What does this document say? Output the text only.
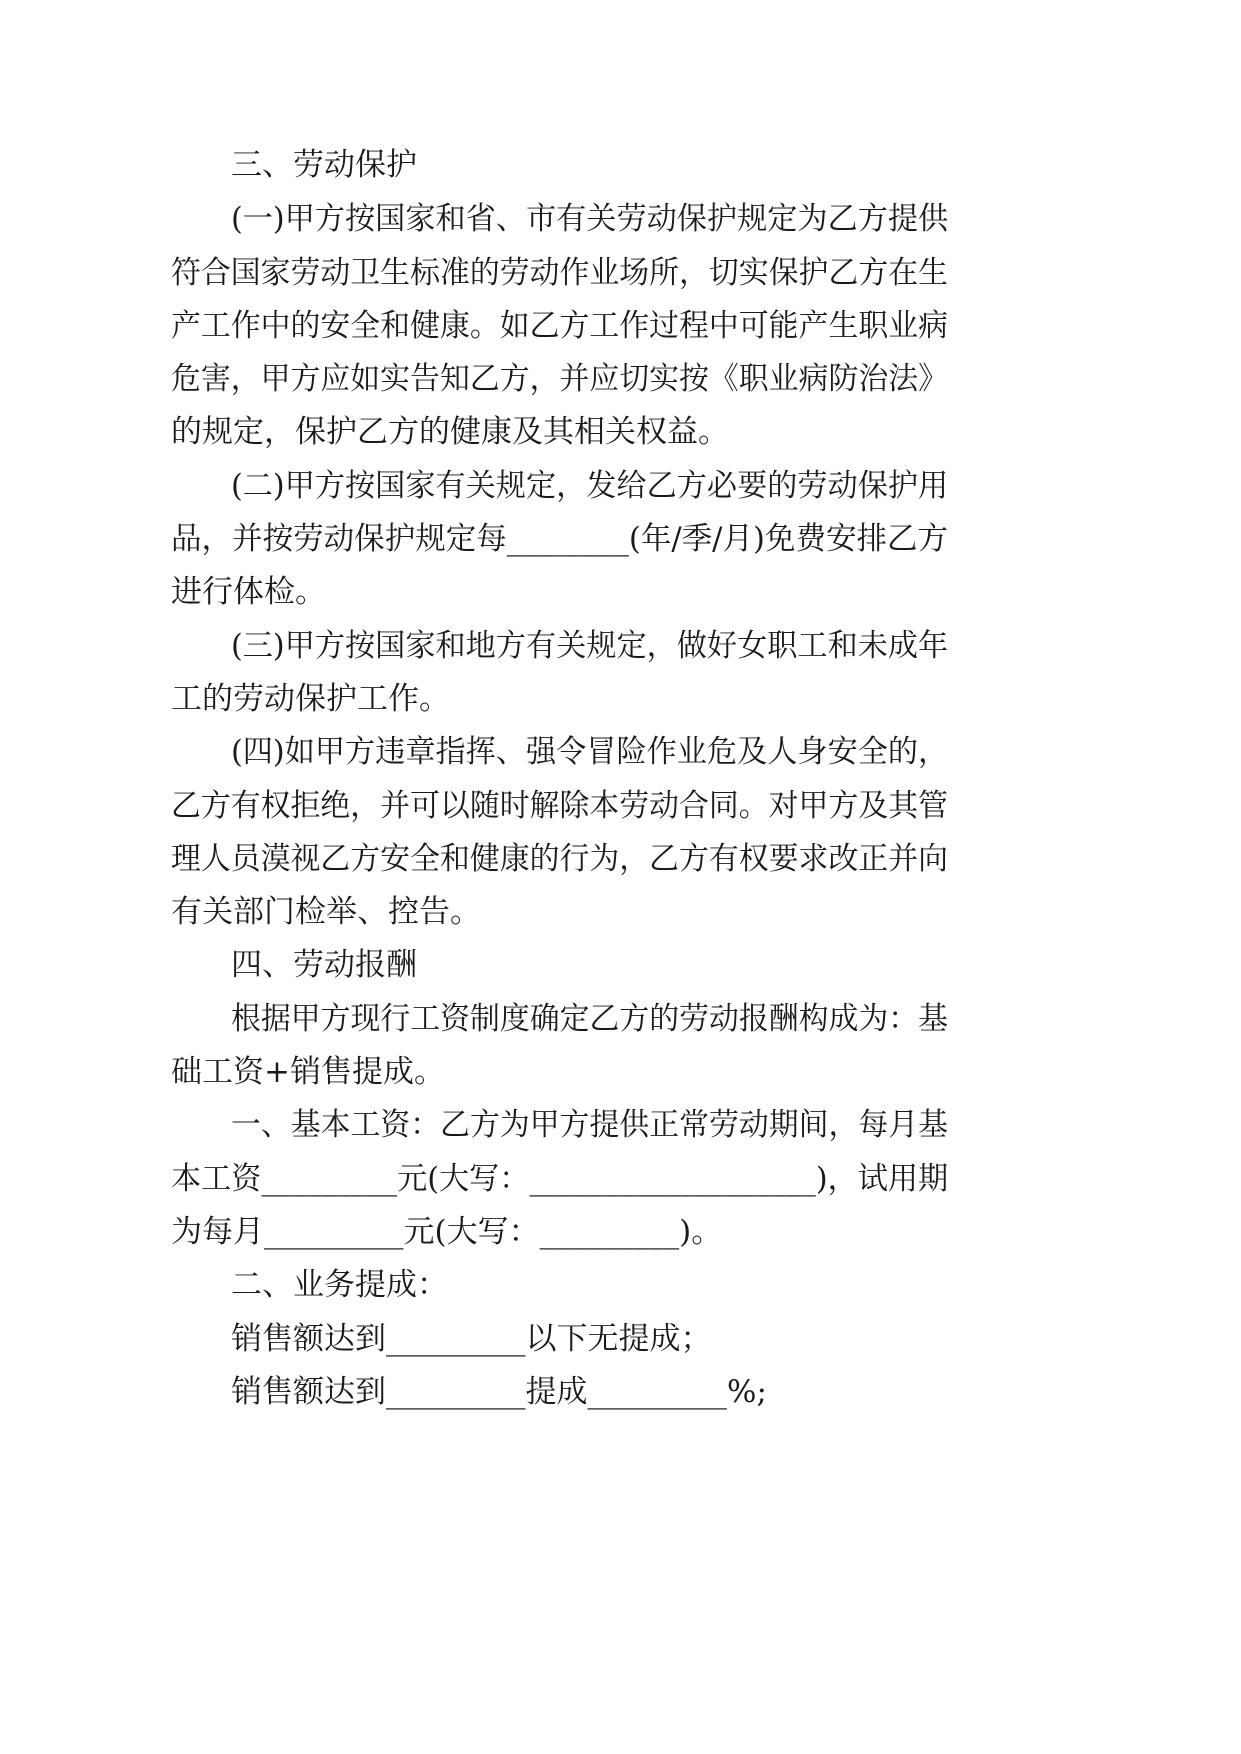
三、劳动保护
(一)甲方按国家和省、市有关劳动保护规定为乙方提供
符合国家劳动卫生标准的劳动作业场所，切实保护乙方在生
产工作中的安全和健康。如乙方工作过程中可能产生职业病
危害，甲方应如实告知乙方，并应切实按《职业病防治法》
的规定，保护乙方的健康及其相关权益。
(二)甲方按国家有关规定，发给乙方必要的劳动保护用
品，并按劳动保护规定每________(年/季/月)免费安排乙方
进行体检。
(三)甲方按国家和地方有关规定，做好女职工和未成年
工的劳动保护工作。
(四)如甲方违章指挥、强令冒险作业危及人身安全的，
乙方有权拒绝，并可以随时解除本劳动合同。对甲方及其管
理人员漠视乙方安全和健康的行为，乙方有权要求改正并向
有关部门检举、控告。
四、劳动报酬
根据甲方现行工资制度确定乙方的劳动报酬构成为：基
础工资+销售提成。
一、基本工资：乙方为甲方提供正常劳动期间，每月基
本工资_________元(大写：___________________)，试用期
为每月_________元(大写：_________)。
二、业务提成：
销售额达到_________以下无提成；
销售额达到_________提成_________%;
